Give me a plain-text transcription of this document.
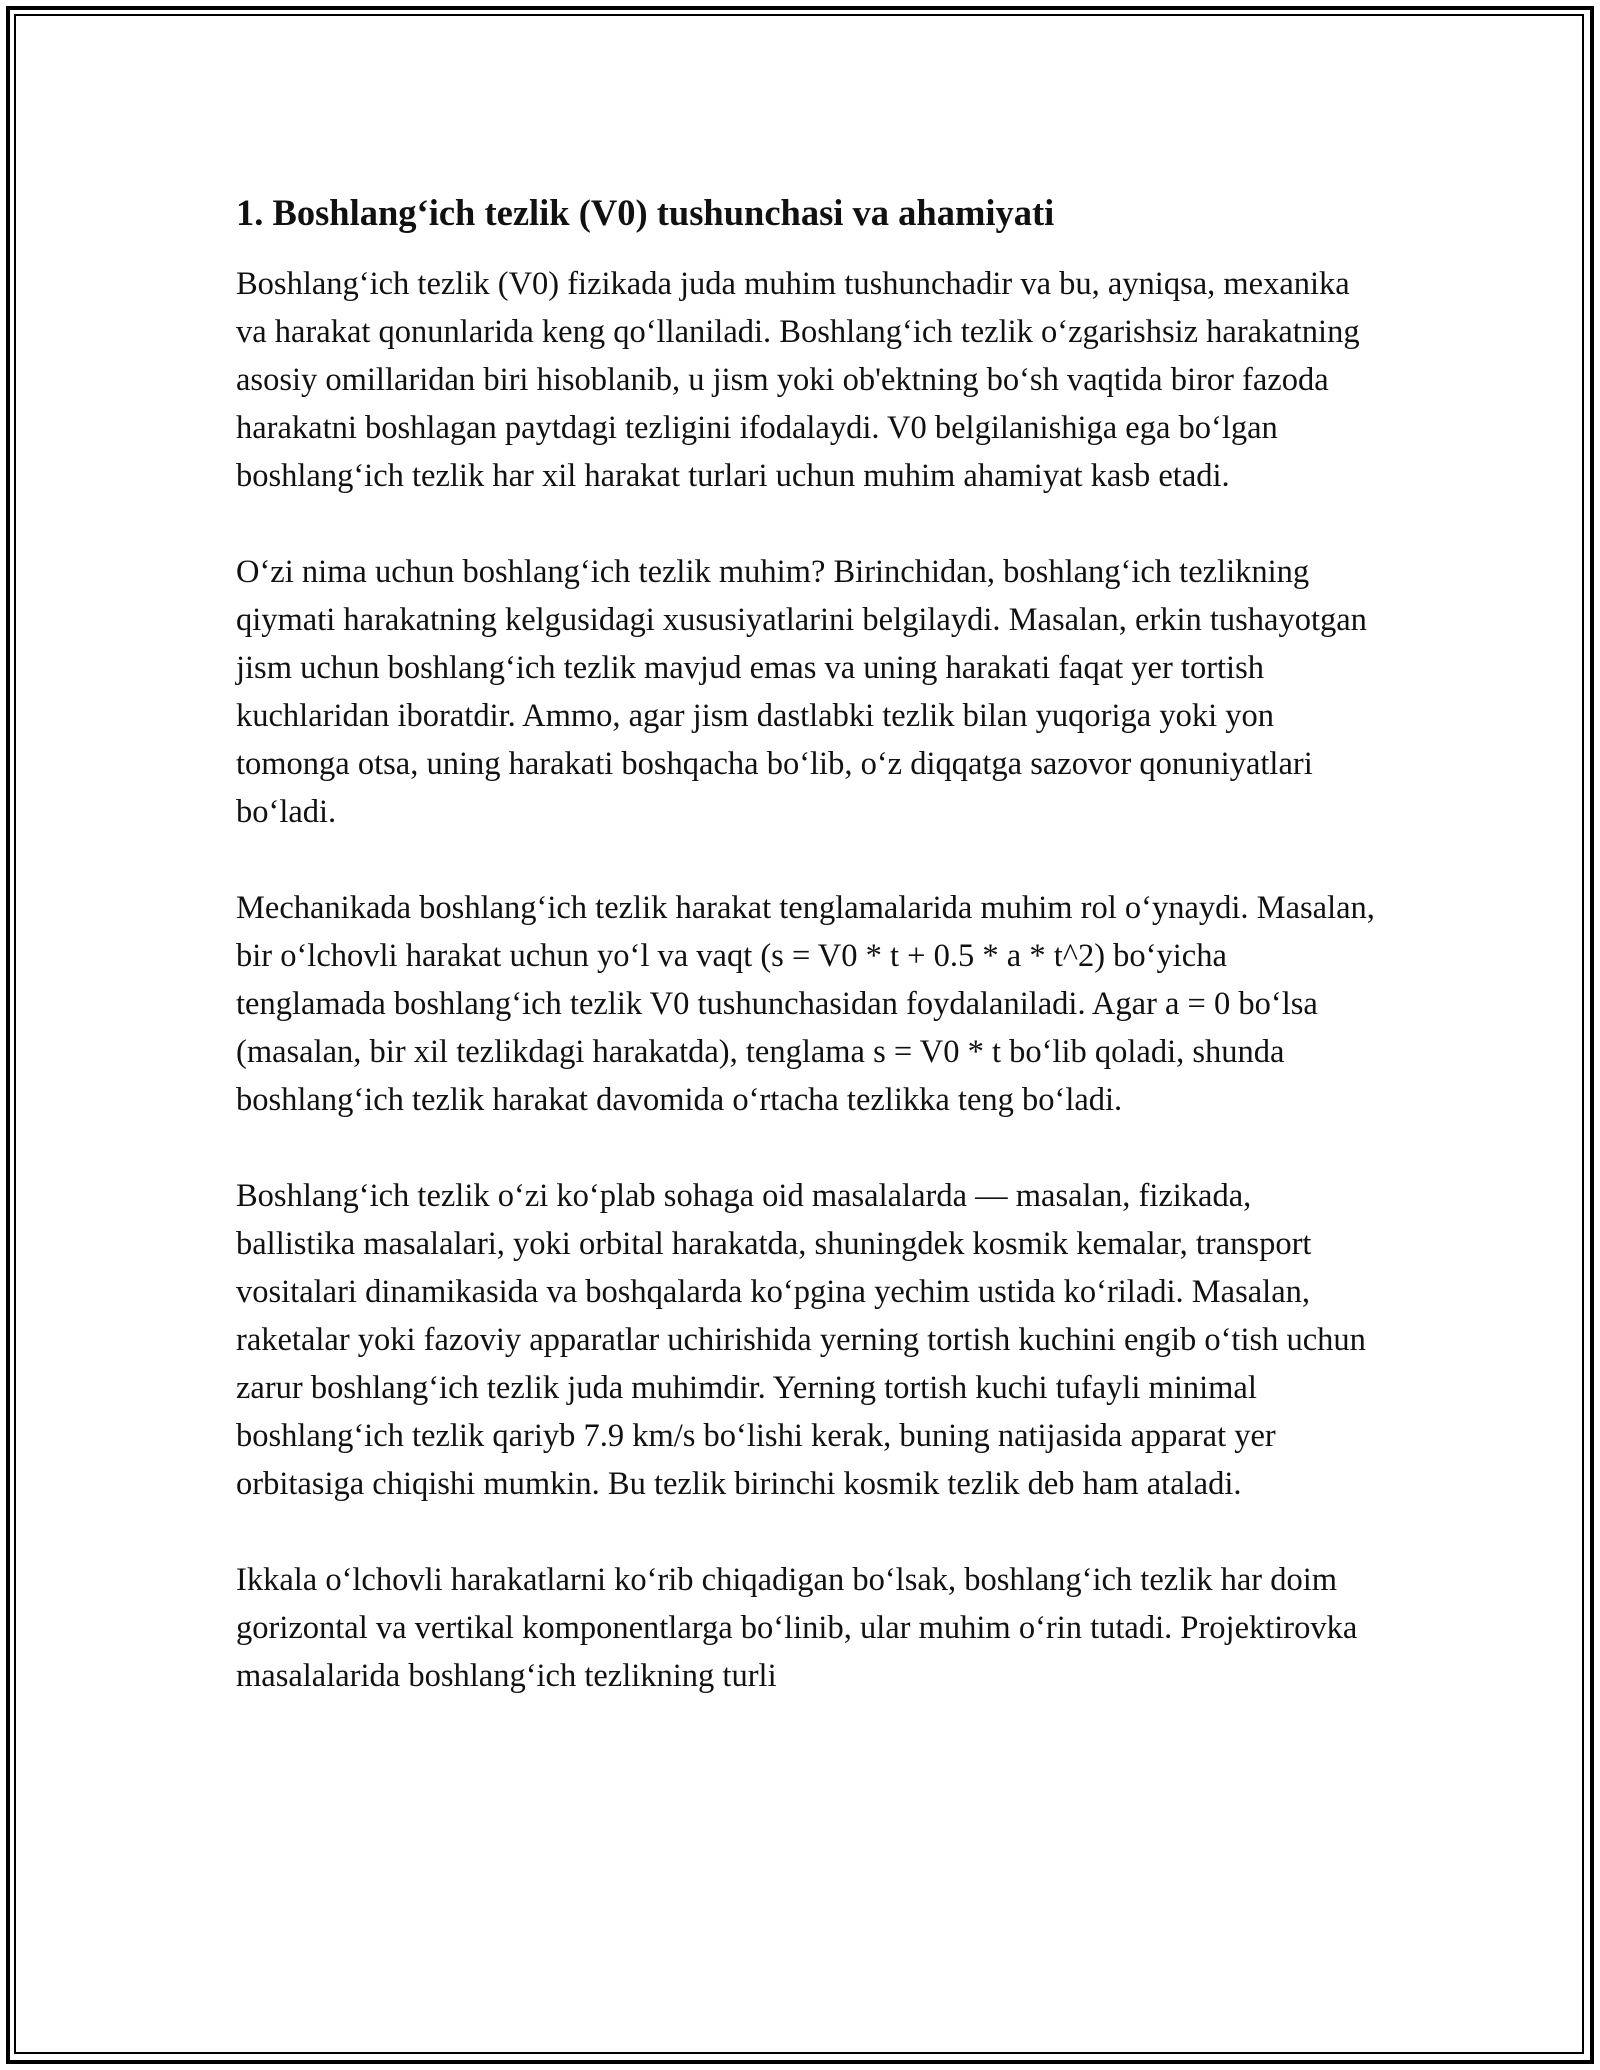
1. Boshlang‘ich tezlik (V0) tushunchasi va ahamiyati

Boshlang‘ich tezlik (V0) fizikada juda muhim tushunchadir va bu, ayniqsa, mexanika va harakat qonunlarida keng qo‘llaniladi. Boshlang‘ich tezlik o‘zgarishsiz harakatning asosiy omillaridan biri hisoblanib, u jism yoki ob'ektning bo‘sh vaqtida biror fazoda harakatni boshlagan paytdagi tezligini ifodalaydi. V0 belgilanishiga ega bo‘lgan boshlang‘ich tezlik har xil harakat turlari uchun muhim ahamiyat kasb etadi.

O‘zi nima uchun boshlang‘ich tezlik muhim? Birinchidan, boshlang‘ich tezlikning qiymati harakatning kelgusidagi xususiyatlarini belgilaydi. Masalan, erkin tushayotgan jism uchun boshlang‘ich tezlik mavjud emas va uning harakati faqat yer tortish kuchlaridan iboratdir. Ammo, agar jism dastlabki tezlik bilan yuqoriga yoki yon tomonga otsa, uning harakati boshqacha bo‘lib, o‘z diqqatga sazovor qonuniyatlari bo‘ladi.

Mechanikada boshlang‘ich tezlik harakat tenglamalarida muhim rol o‘ynaydi. Masalan, bir o‘lchovli harakat uchun yo‘l va vaqt (s = V0 * t + 0.5 * a * t^2) bo‘yicha tenglamada boshlang‘ich tezlik V0 tushunchasidan foydalaniladi. Agar a = 0 bo‘lsa (masalan, bir xil tezlikdagi harakatda), tenglama s = V0 * t bo‘lib qoladi, shunda boshlang‘ich tezlik harakat davomida o‘rtacha tezlikka teng bo‘ladi.

Boshlang‘ich tezlik o‘zi ko‘plab sohaga oid masalalarda — masalan, fizikada, ballistika masalalari, yoki orbital harakatda, shuningdek kosmik kemalar, transport vositalari dinamikasida va boshqalarda ko‘pgina yechim ustida ko‘riladi. Masalan, raketalar yoki fazoviy apparatlar uchirishida yerning tortish kuchini engib o‘tish uchun zarur boshlang‘ich tezlik juda muhimdir. Yerning tortish kuchi tufayli minimal boshlang‘ich tezlik qariyb 7.9 km/s bo‘lishi kerak, buning natijasida apparat yer orbitasiga chiqishi mumkin. Bu tezlik birinchi kosmik tezlik deb ham ataladi.

Ikkala o‘lchovli harakatlarni ko‘rib chiqadigan bo‘lsak, boshlang‘ich tezlik har doim gorizontal va vertikal komponentlarga bo‘linib, ular muhim o‘rin tutadi. Projektirovka masalalarida boshlang‘ich tezlikning turli
